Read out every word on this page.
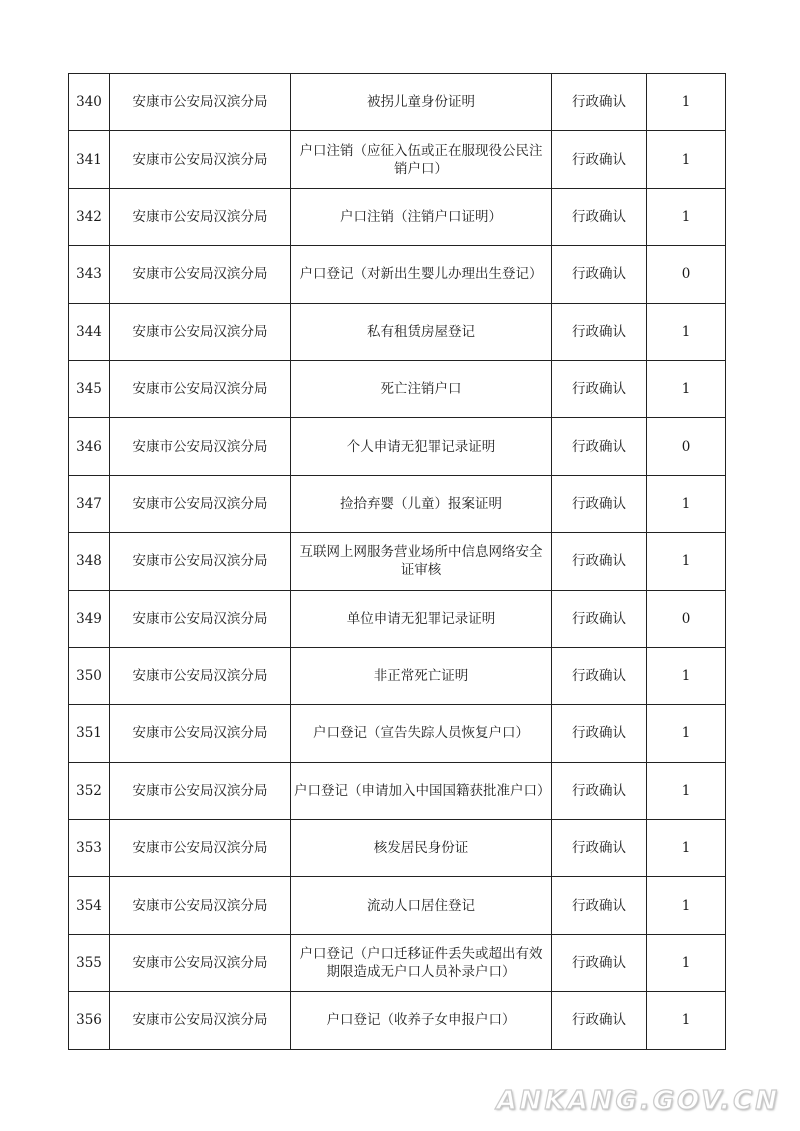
340	安康市公安局汉滨分局	被拐儿童身份证明	行政确认	1
341	安康市公安局汉滨分局	户口注销（应征入伍或正在服现役公民注销户口）	行政确认	1
342	安康市公安局汉滨分局	户口注销（注销户口证明）	行政确认	1
343	安康市公安局汉滨分局	户口登记（对新出生婴儿办理出生登记）	行政确认	0
344	安康市公安局汉滨分局	私有租赁房屋登记	行政确认	1
345	安康市公安局汉滨分局	死亡注销户口	行政确认	1
346	安康市公安局汉滨分局	个人申请无犯罪记录证明	行政确认	0
347	安康市公安局汉滨分局	捡拾弃婴（儿童）报案证明	行政确认	1
348	安康市公安局汉滨分局	互联网上网服务营业场所中信息网络安全证审核	行政确认	1
349	安康市公安局汉滨分局	单位申请无犯罪记录证明	行政确认	0
350	安康市公安局汉滨分局	非正常死亡证明	行政确认	1
351	安康市公安局汉滨分局	户口登记（宣告失踪人员恢复户口）	行政确认	1
352	安康市公安局汉滨分局	户口登记（申请加入中国国籍获批准户口）	行政确认	1
353	安康市公安局汉滨分局	核发居民身份证	行政确认	1
354	安康市公安局汉滨分局	流动人口居住登记	行政确认	1
355	安康市公安局汉滨分局	户口登记（户口迁移证件丢失或超出有效期限造成无户口人员补录户口）	行政确认	1
356	安康市公安局汉滨分局	户口登记（收养子女申报户口）	行政确认	1
ANKANG.GOV.CN
